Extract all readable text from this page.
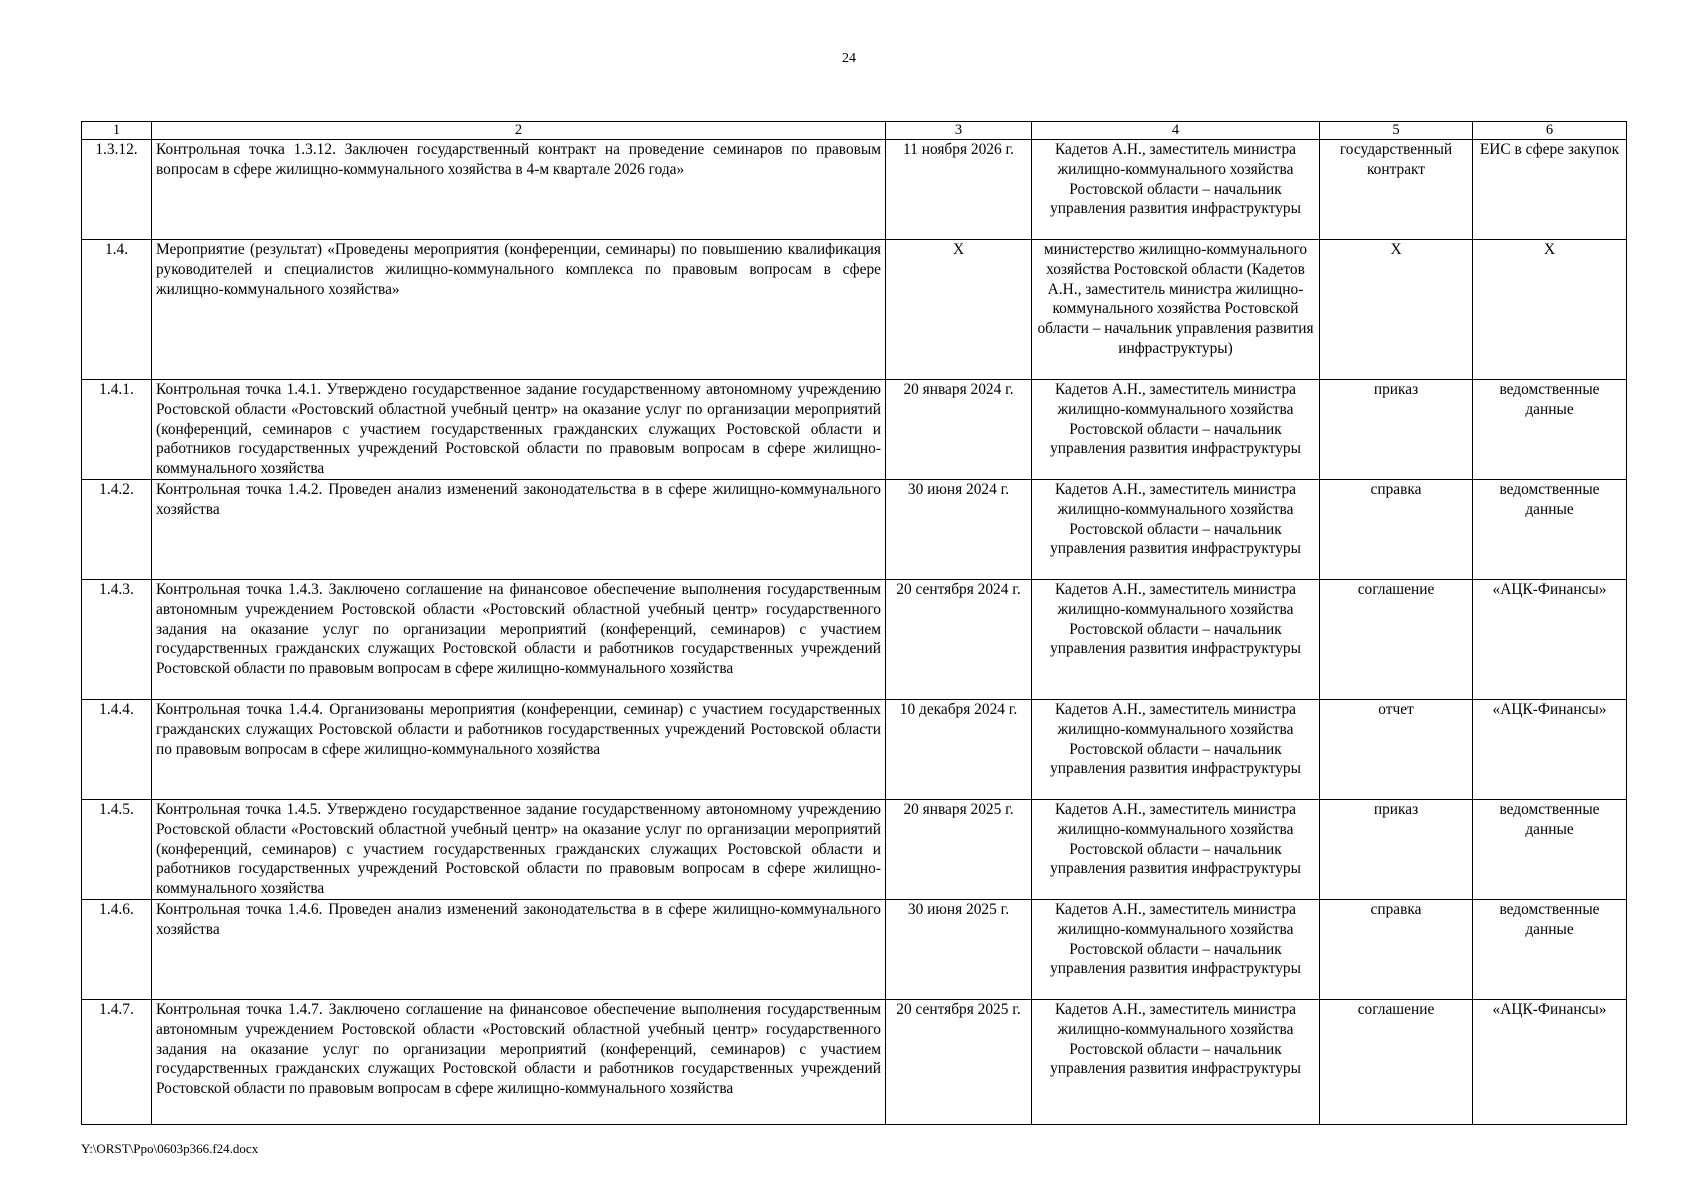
24
1	2	3	4	5	6
1.3.12.	Контрольная точка 1.3.12. Заключен государственный контракт на проведение семинаров по правовым вопросам в сфере жилищно-коммунального хозяйства в 4-м квартале 2026 года»	11 ноября 2026 г.	Кадетов А.Н., заместитель министра жилищно-коммунального хозяйства Ростовской области – начальник управления развития инфраструктуры	государственный контракт	ЕИС в сфере закупок
1.4.	Мероприятие (результат) «Проведены мероприятия (конференции, семинары) по повышению квалификация руководителей и специалистов жилищно-коммунального комплекса по правовым вопросам в сфере жилищно-коммунального хозяйства»	Х	министерство жилищно-коммунального хозяйства Ростовской области (Кадетов А.Н., заместитель министра жилищно-коммунального хозяйства Ростовской области – начальник управления развития инфраструктуры)	Х	Х
1.4.1.	Контрольная точка 1.4.1. Утверждено государственное задание государственному автономному учреждению Ростовской области «Ростовский областной учебный центр» на оказание услуг по организации мероприятий (конференций, семинаров с участием государственных гражданских служащих Ростовской области и работников государственных учреждений Ростовской области по правовым вопросам в сфере жилищно-коммунального хозяйства	20 января 2024 г.	Кадетов А.Н., заместитель министра жилищно-коммунального хозяйства Ростовской области – начальник управления развития инфраструктуры	приказ	ведомственные данные
1.4.2.	Контрольная точка 1.4.2. Проведен анализ изменений законодательства в в сфере жилищно-коммунального хозяйства	30 июня 2024 г.	Кадетов А.Н., заместитель министра жилищно-коммунального хозяйства Ростовской области – начальник управления развития инфраструктуры	справка	ведомственные данные
1.4.3.	Контрольная точка 1.4.3. Заключено соглашение на финансовое обеспечение выполнения государственным автономным учреждением Ростовской области «Ростовский областной учебный центр» государственного задания на оказание услуг по организации мероприятий (конференций, семинаров) с участием государственных гражданских служащих Ростовской области и работников государственных учреждений Ростовской области по правовым вопросам в сфере жилищно-коммунального хозяйства	20 сентября 2024 г.	Кадетов А.Н., заместитель министра жилищно-коммунального хозяйства Ростовской области – начальник управления развития инфраструктуры	соглашение	«АЦК-Финансы»
1.4.4.	Контрольная точка 1.4.4. Организованы мероприятия (конференции, семинар) с участием государственных гражданских служащих Ростовской области и работников государственных учреждений Ростовской области по правовым вопросам в сфере жилищно-коммунального хозяйства	10 декабря 2024 г.	Кадетов А.Н., заместитель министра жилищно-коммунального хозяйства Ростовской области – начальник управления развития инфраструктуры	отчет	«АЦК-Финансы»
1.4.5.	Контрольная точка 1.4.5. Утверждено государственное задание государственному автономному учреждению Ростовской области «Ростовский областной учебный центр» на оказание услуг по организации мероприятий (конференций, семинаров) с участием государственных гражданских служащих Ростовской области и работников государственных учреждений Ростовской области по правовым вопросам в сфере жилищно-коммунального хозяйства	20 января 2025 г.	Кадетов А.Н., заместитель министра жилищно-коммунального хозяйства Ростовской области – начальник управления развития инфраструктуры	приказ	ведомственные данные
1.4.6.	Контрольная точка 1.4.6. Проведен анализ изменений законодательства в в сфере жилищно-коммунального хозяйства	30 июня 2025 г.	Кадетов А.Н., заместитель министра жилищно-коммунального хозяйства Ростовской области – начальник управления развития инфраструктуры	справка	ведомственные данные
1.4.7.	Контрольная точка 1.4.7. Заключено соглашение на финансовое обеспечение выполнения государственным автономным учреждением Ростовской области «Ростовский областной учебный центр» государственного задания на оказание услуг по организации мероприятий (конференций, семинаров) с участием государственных гражданских служащих Ростовской области и работников государственных учреждений Ростовской области по правовым вопросам в сфере жилищно-коммунального хозяйства	20 сентября 2025 г.	Кадетов А.Н., заместитель министра жилищно-коммунального хозяйства Ростовской области – начальник управления развития инфраструктуры	соглашение	«АЦК-Финансы»
Y:\ORST\Ppo\0603p366.f24.docx
